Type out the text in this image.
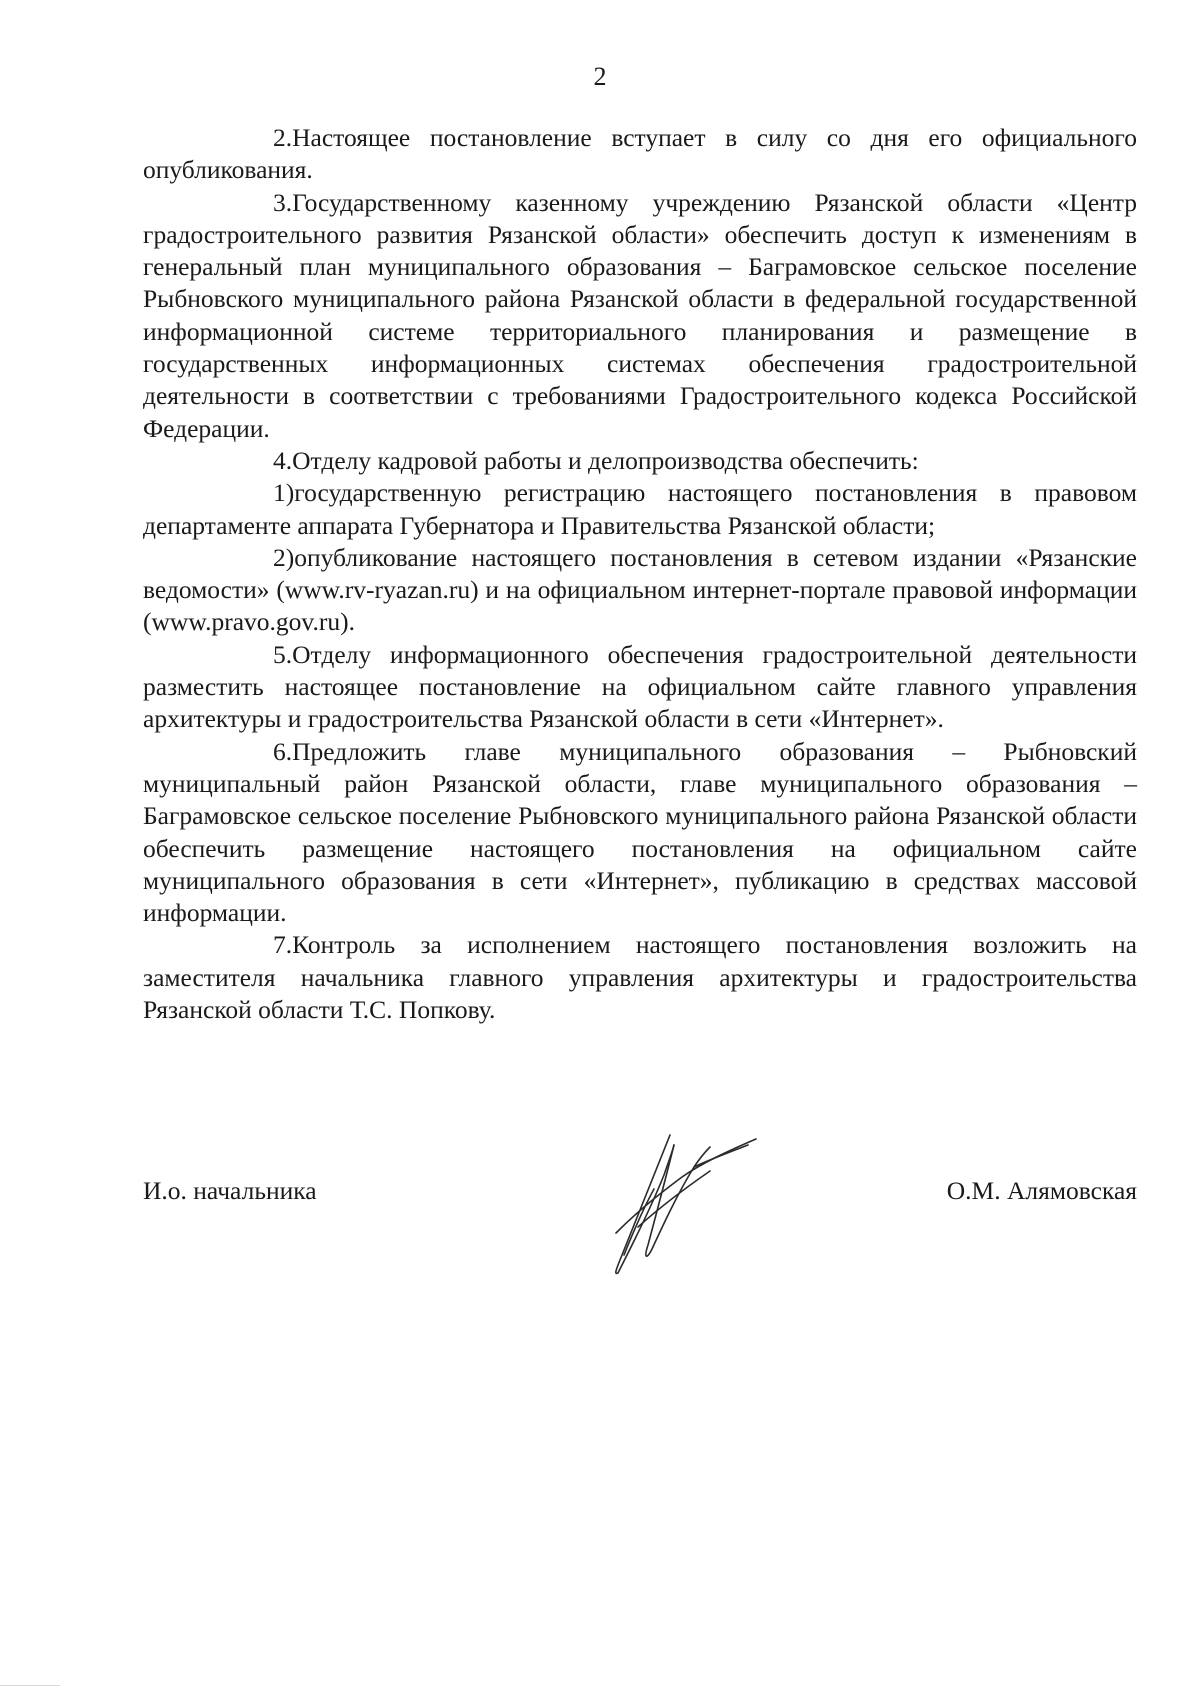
2

2.Настоящее постановление вступает в силу со дня его официального опубликования.

3.Государственному казенному учреждению Рязанской области «Центр градостроительного развития Рязанской области» обеспечить доступ к изменениям в генеральный план муниципального образования – Баграмовское сельское поселение Рыбновского муниципального района Рязанской области в федеральной государственной информационной системе территориального планирования и размещение в государственных информационных системах обеспечения градостроительной деятельности в соответствии с требованиями Градостроительного кодекса Российской Федерации.

4.Отделу кадровой работы и делопроизводства обеспечить:

1)государственную регистрацию настоящего постановления в правовом департаменте аппарата Губернатора и Правительства Рязанской области;

2)опубликование настоящего постановления в сетевом издании «Рязанские ведомости» (www.rv-ryazan.ru) и на официальном интернет-портале правовой информации (www.pravo.gov.ru).

5.Отделу информационного обеспечения градостроительной деятельности разместить настоящее постановление на официальном сайте главного управления архитектуры и градостроительства Рязанской области в сети «Интернет».

6.Предложить главе муниципального образования – Рыбновский муниципальный район Рязанской области, главе муниципального образования – Баграмовское сельское поселение Рыбновского муниципального района Рязанской области обеспечить размещение настоящего постановления на официальном сайте муниципального образования в сети «Интернет», публикацию в средствах массовой информации.

7.Контроль за исполнением настоящего постановления возложить на заместителя начальника главного управления архитектуры и градостроительства Рязанской области Т.С. Попкову.

И.о. начальника	О.М. Алямовская
